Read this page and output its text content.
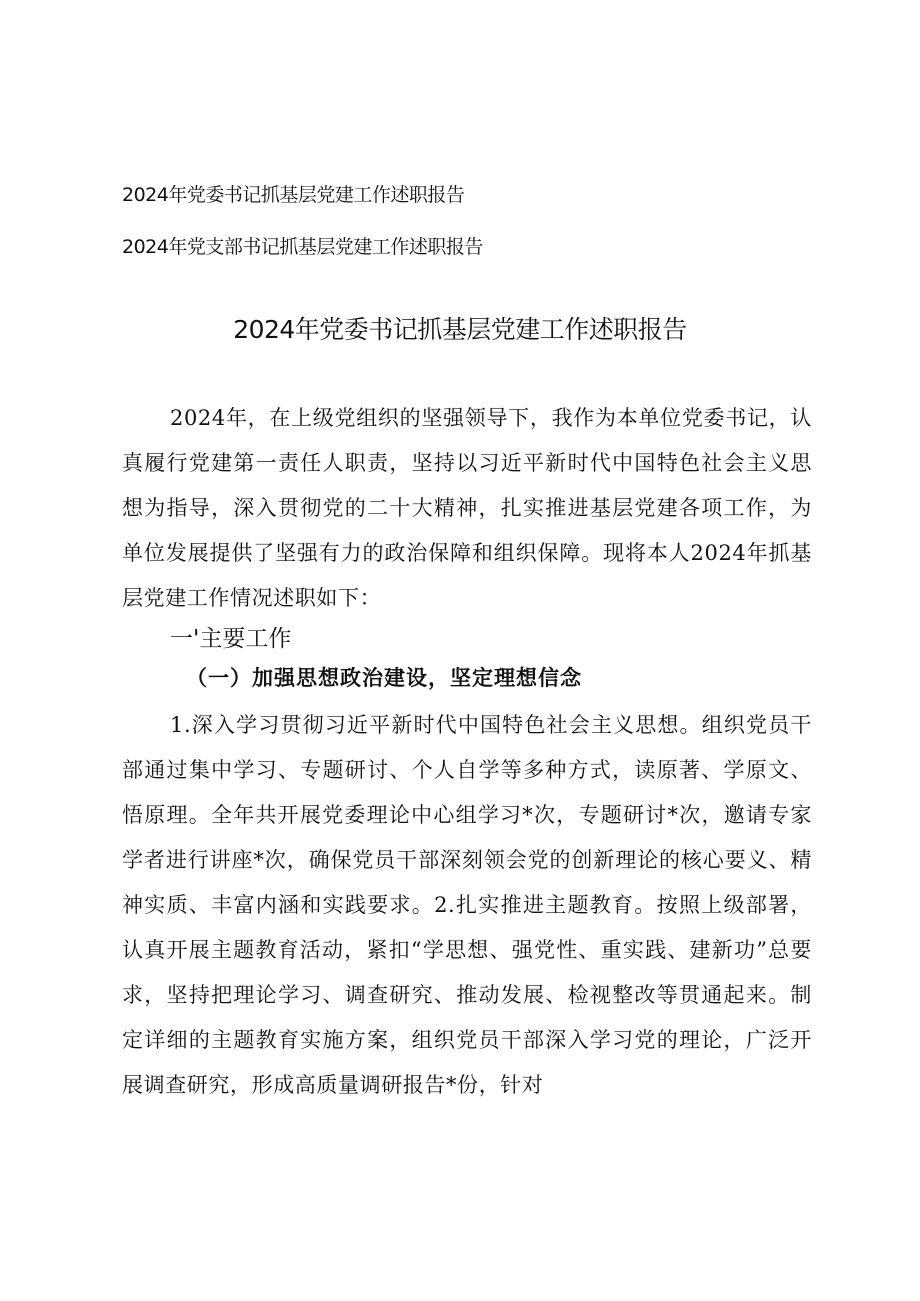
2024年党委书记抓基层党建工作述职报告
2024年党支部书记抓基层党建工作述职报告
2024年党委书记抓基层党建工作述职报告
2024年，在上级党组织的坚强领导下，我作为本单位党委书记，认真履行党建第一责任人职责，坚持以习近平新时代中国特色社会主义思想为指导，深入贯彻党的二十大精神，扎实推进基层党建各项工作，为单位发展提供了坚强有力的政治保障和组织保障。现将本人2024年抓基层党建工作情况述职如下：
一'主要工作
（一）加强思想政治建设，坚定理想信念
1.深入学习贯彻习近平新时代中国特色社会主义思想。组织党员干部通过集中学习、专题研讨、个人自学等多种方式，读原著、学原文、悟原理。全年共开展党委理论中心组学习*次，专题研讨*次，邀请专家学者进行讲座*次，确保党员干部深刻领会党的创新理论的核心要义、精神实质、丰富内涵和实践要求。2.扎实推进主题教育。按照上级部署，认真开展主题教育活动，紧扣“学思想、强党性、重实践、建新功”总要求，坚持把理论学习、调查研究、推动发展、检视整改等贯通起来。制定详细的主题教育实施方案，组织党员干部深入学习党的理论，广泛开展调查研究，形成高质量调研报告*份，针对
